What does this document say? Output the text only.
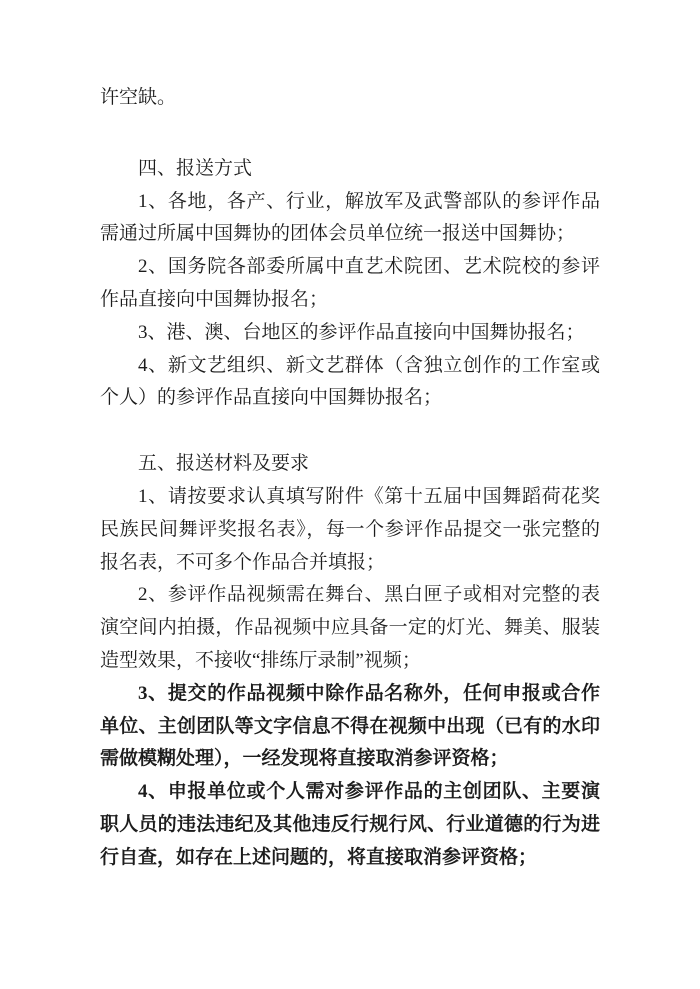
许空缺。

四、报送方式

1、各地，各产、行业，解放军及武警部队的参评作品需通过所属中国舞协的团体会员单位统一报送中国舞协；

2、国务院各部委所属中直艺术院团、艺术院校的参评作品直接向中国舞协报名；

3、港、澳、台地区的参评作品直接向中国舞协报名；

4、新文艺组织、新文艺群体（含独立创作的工作室或个人）的参评作品直接向中国舞协报名；

五、报送材料及要求

1、请按要求认真填写附件《第十五届中国舞蹈荷花奖民族民间舞评奖报名表》，每一个参评作品提交一张完整的报名表，不可多个作品合并填报；

2、参评作品视频需在舞台、黑白匣子或相对完整的表演空间内拍摄，作品视频中应具备一定的灯光、舞美、服装造型效果，不接收“排练厅录制”视频；

3、提交的作品视频中除作品名称外，任何申报或合作单位、主创团队等文字信息不得在视频中出现（已有的水印需做模糊处理），一经发现将直接取消参评资格；

4、申报单位或个人需对参评作品的主创团队、主要演职人员的违法违纪及其他违反行规行风、行业道德的行为进行自查，如存在上述问题的，将直接取消参评资格；
